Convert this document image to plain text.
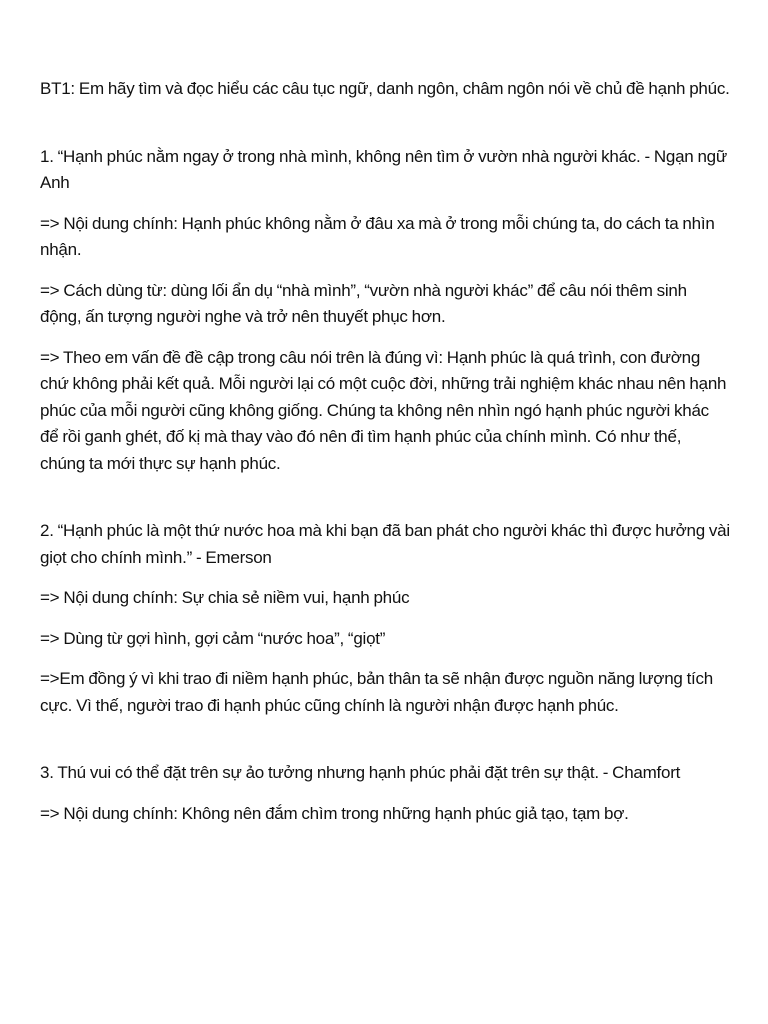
BT1: Em hãy tìm và đọc hiểu các câu tục ngữ, danh ngôn, châm ngôn nói về chủ đề hạnh phúc.

1. “Hạnh phúc nằm ngay ở trong nhà mình, không nên tìm ở vườn nhà người khác. - Ngạn ngữ Anh

=> Nội dung chính: Hạnh phúc không nằm ở đâu xa mà ở trong mỗi chúng ta, do cách ta nhìn nhận.

=> Cách dùng từ: dùng lối ẩn dụ “nhà mình”, “vườn nhà người khác” để câu nói thêm sinh động, ấn tượng người nghe và trở nên thuyết phục hơn.

=> Theo em vấn đề đề cập trong câu nói trên là đúng vì: Hạnh phúc là quá trình, con đường chứ không phải kết quả. Mỗi người lại có một cuộc đời, những trải nghiệm khác nhau nên hạnh phúc của mỗi người cũng không giống. Chúng ta không nên nhìn ngó hạnh phúc người khác để rồi ganh ghét, đố kị mà thay vào đó nên đi tìm hạnh phúc của chính mình. Có như thế, chúng ta mới thực sự hạnh phúc.

2. “Hạnh phúc là một thứ nước hoa mà khi bạn đã ban phát cho người khác thì được hưởng vài giọt cho chính mình.” - Emerson

=> Nội dung chính: Sự chia sẻ niềm vui, hạnh phúc

=> Dùng từ gợi hình, gợi cảm “nước hoa”, “giọt”

=>Em đồng ý vì khi trao đi niềm hạnh phúc, bản thân ta sẽ nhận được nguồn năng lượng tích cực. Vì thế, người trao đi hạnh phúc cũng chính là người nhận được hạnh phúc.

3. Thú vui có thể đặt trên sự ảo tưởng nhưng hạnh phúc phải đặt trên sự thật. - Chamfort

=> Nội dung chính: Không nên đắm chìm trong những hạnh phúc giả tạo, tạm bợ.
